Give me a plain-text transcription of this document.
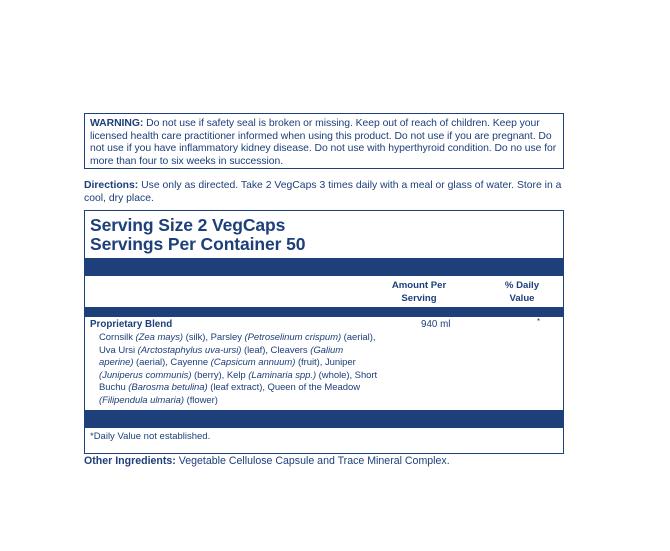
WARNING: Do not use if safety seal is broken or missing. Keep out of reach of children. Keep your licensed health care practitioner informed when using this product. Do not use if you are pregnant. Do not use if you have inflammatory kidney disease. Do not use with hyperthyroid condition. Do no use for more than four to six weeks in succession.
Directions: Use only as directed. Take 2 VegCaps 3 times daily with a meal or glass of water. Store in a cool, dry place.
Serving Size 2 VegCaps
Servings Per Container 50
Amount Per
Serving
% Daily
Value
Proprietary Blend	940 ml	*
Cornsilk (Zea mays) (silk), Parsley (Petroselinum crispum) (aerial), Uva Ursi (Arctostaphylus uva-ursi) (leaf), Cleavers (Galium aperine) (aerial), Cayenne (Capsicum annuum) (fruit), Juniper (Juniperus communis) (berry), Kelp (Laminaria spp.) (whole), Short Buchu (Barosma betulina) (leaf extract), Queen of the Meadow (Filipendula ulmaria) (flower)
*Daily Value not established.
Other Ingredients: Vegetable Cellulose Capsule and Trace Mineral Complex.
